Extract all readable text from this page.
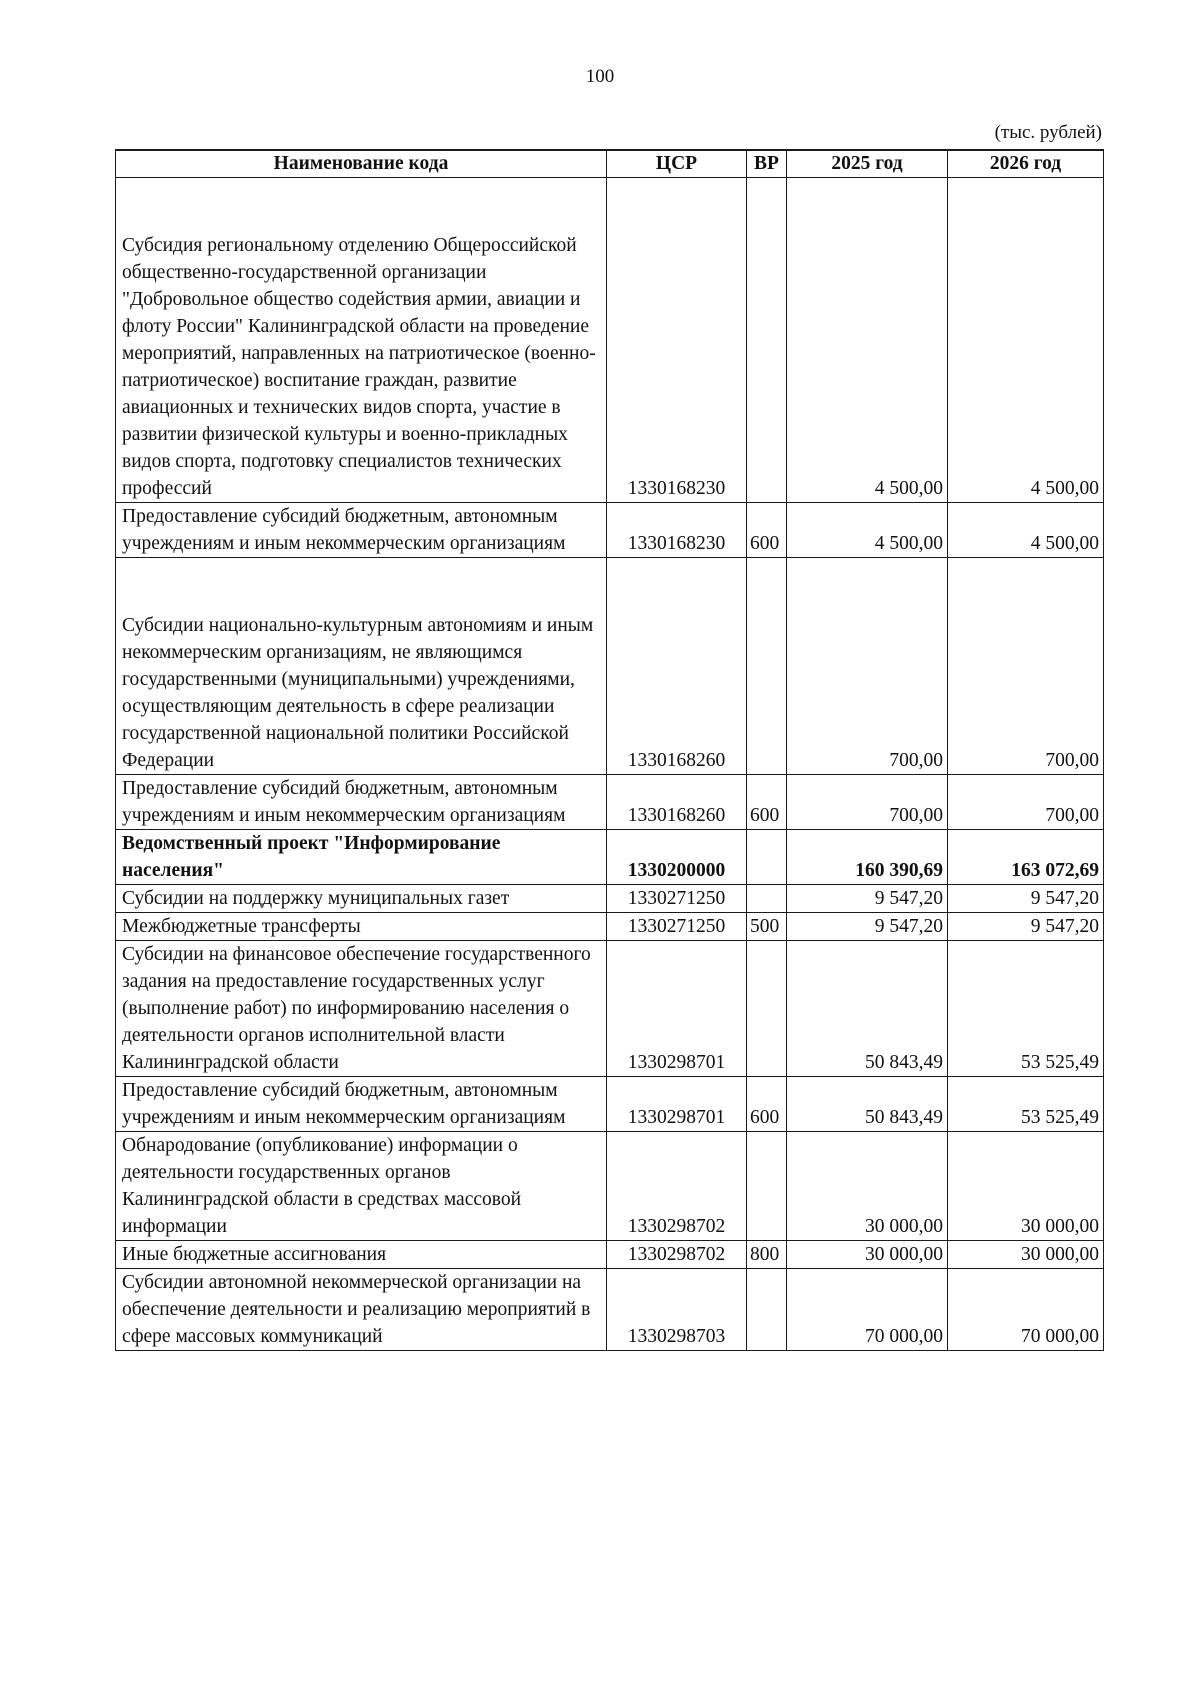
100
(тыс. рублей)
Наименование кода	ЦСР	ВР	2025 год	2026 год
Субсидия региональному отделению Общероссийской общественно-государственной организации "Добровольное общество содействия армии, авиации и флоту России" Калининградской области на проведение мероприятий, направленных на патриотическое (военно-патриотическое) воспитание граждан, развитие авиационных и технических видов спорта, участие в развитии физической культуры и военно-прикладных видов спорта, подготовку специалистов технических профессий	1330168230		4 500,00	4 500,00
Предоставление субсидий бюджетным, автономным учреждениям и иным некоммерческим организациям	1330168230	600	4 500,00	4 500,00
Субсидии национально-культурным автономиям и иным некоммерческим организациям, не являющимся государственными (муниципальными) учреждениями, осуществляющим деятельность в сфере реализации государственной национальной политики Российской Федерации	1330168260		700,00	700,00
Предоставление субсидий бюджетным, автономным учреждениям и иным некоммерческим организациям	1330168260	600	700,00	700,00
Ведомственный проект "Информирование населения"	1330200000		160 390,69	163 072,69
Субсидии на поддержку муниципальных газет	1330271250		9 547,20	9 547,20
Межбюджетные трансферты	1330271250	500	9 547,20	9 547,20
Субсидии на финансовое обеспечение государственного задания на предоставление государственных услуг (выполнение работ) по информированию населения о деятельности органов исполнительной власти Калининградской области	1330298701		50 843,49	53 525,49
Предоставление субсидий бюджетным, автономным учреждениям и иным некоммерческим организациям	1330298701	600	50 843,49	53 525,49
Обнародование (опубликование) информации о деятельности государственных органов Калининградской области в средствах массовой информации	1330298702		30 000,00	30 000,00
Иные бюджетные ассигнования	1330298702	800	30 000,00	30 000,00
Субсидии автономной некоммерческой организации на обеспечение деятельности и реализацию мероприятий в сфере массовых коммуникаций	1330298703		70 000,00	70 000,00
